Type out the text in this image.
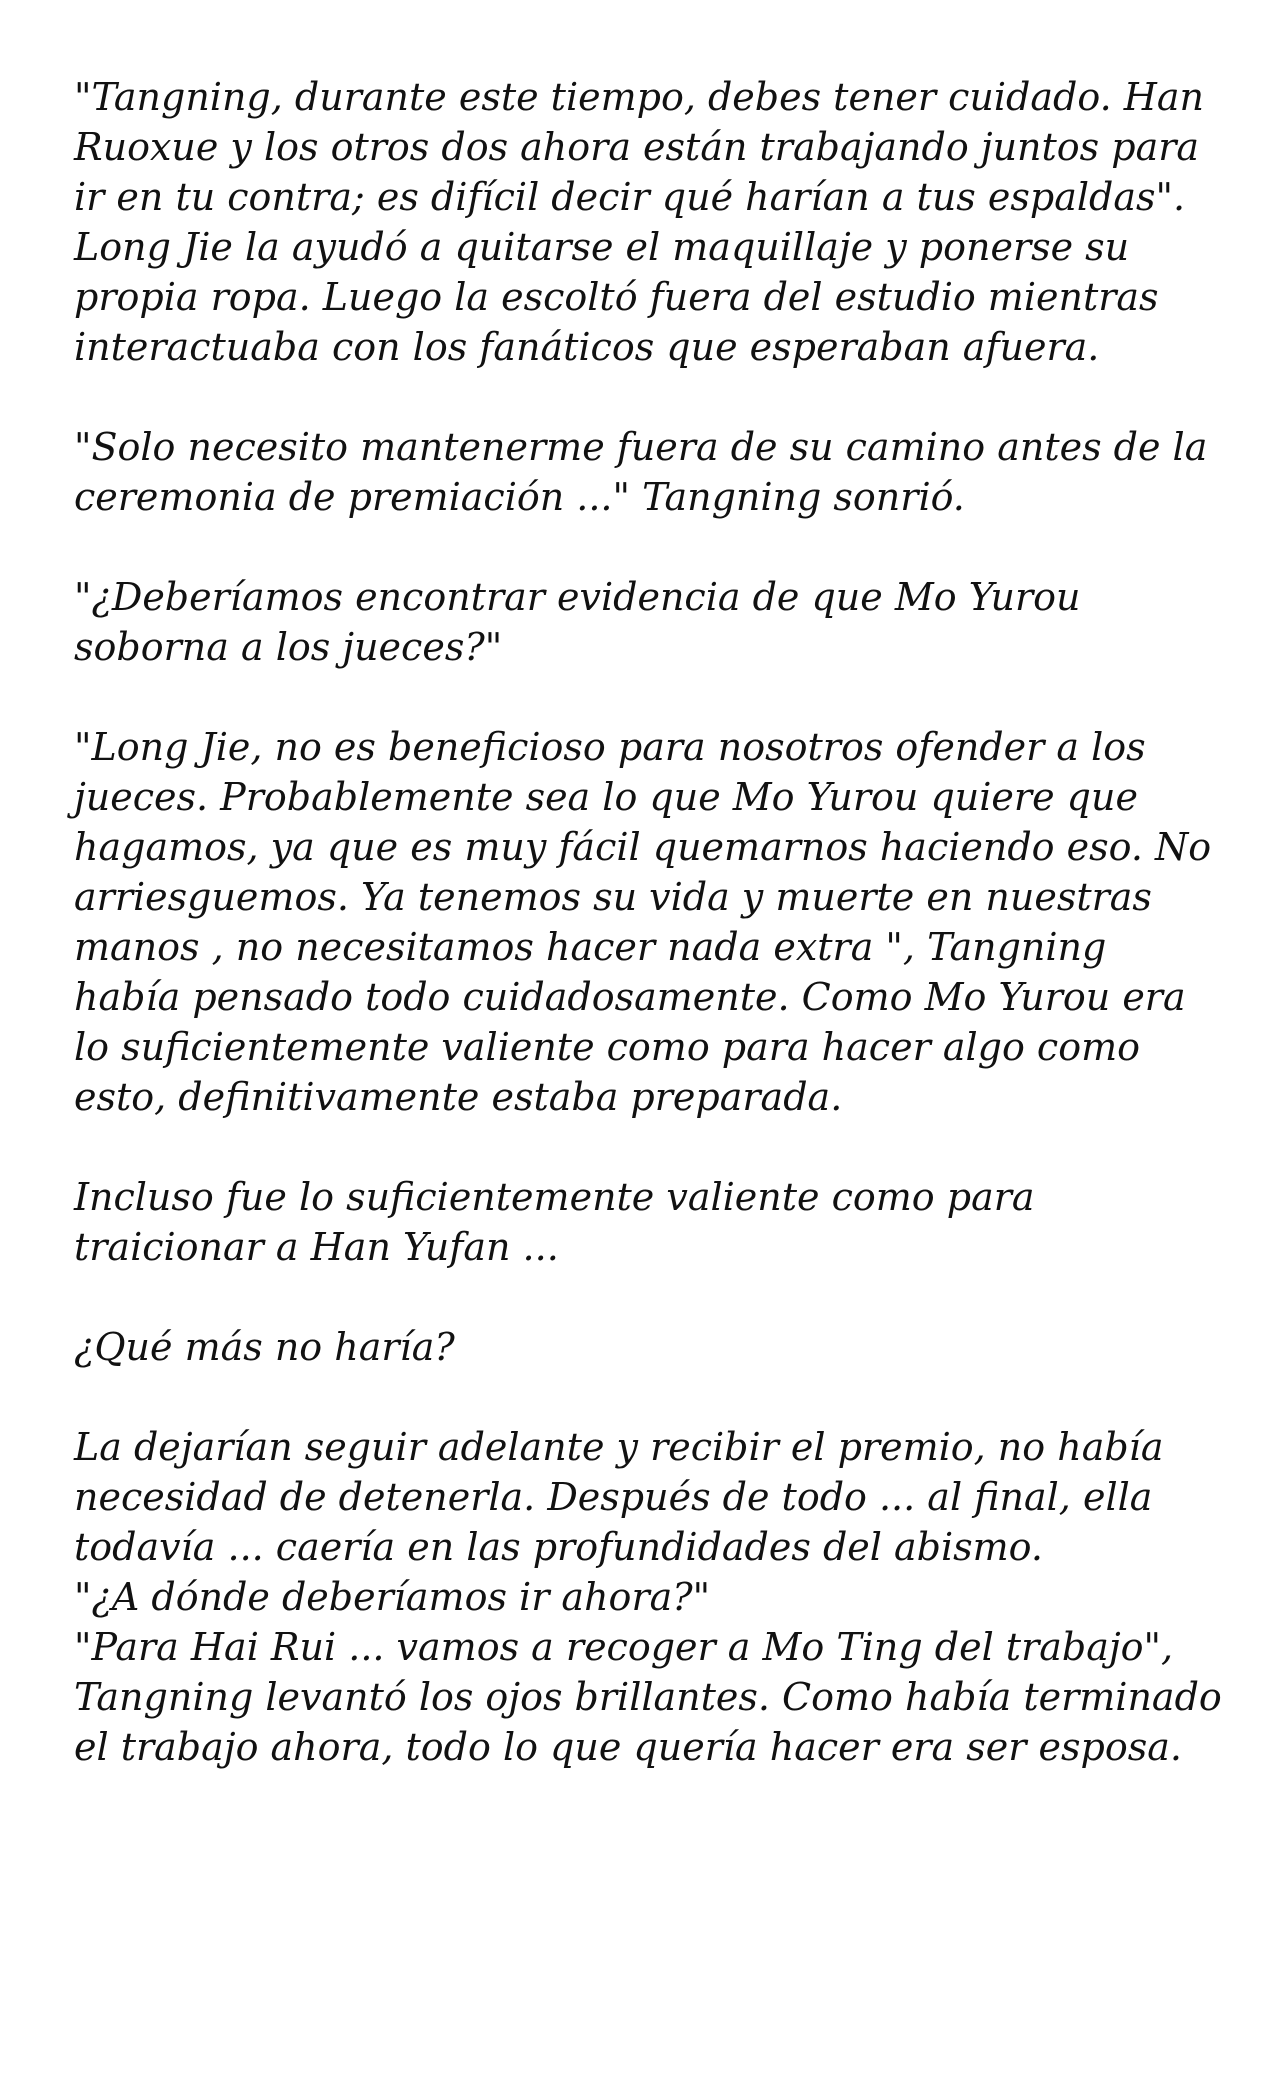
"Tangning, durante este tiempo, debes tener cuidado. Han Ruoxue y los otros dos ahora están trabajando juntos para ir en tu contra; es difícil decir qué harían a tus espaldas". Long Jie la ayudó a quitarse el maquillaje y ponerse su propia ropa. Luego la escoltó fuera del estudio mientras interactuaba con los fanáticos que esperaban afuera.

"Solo necesito mantenerme fuera de su camino antes de la ceremonia de premiación ..." Tangning sonrió.

"¿Deberíamos encontrar evidencia de que Mo Yurou soborna a los jueces?"

"Long Jie, no es beneficioso para nosotros ofender a los jueces. Probablemente sea lo que Mo Yurou quiere que hagamos, ya que es muy fácil quemarnos haciendo eso. No arriesguemos. Ya tenemos su vida y muerte en nuestras manos , no necesitamos hacer nada extra ", Tangning había pensado todo cuidadosamente. Como Mo Yurou era lo suficientemente valiente como para hacer algo como esto, definitivamente estaba preparada.

Incluso fue lo suficientemente valiente como para traicionar a Han Yufan ...

¿Qué más no haría?

La dejarían seguir adelante y recibir el premio, no había necesidad de detenerla. Después de todo ... al final, ella todavía ... caería en las profundidades del abismo.

"¿A dónde deberíamos ir ahora?"

"Para Hai Rui ... vamos a recoger a Mo Ting del trabajo", Tangning levantó los ojos brillantes. Como había terminado el trabajo ahora, todo lo que quería hacer era ser esposa.
